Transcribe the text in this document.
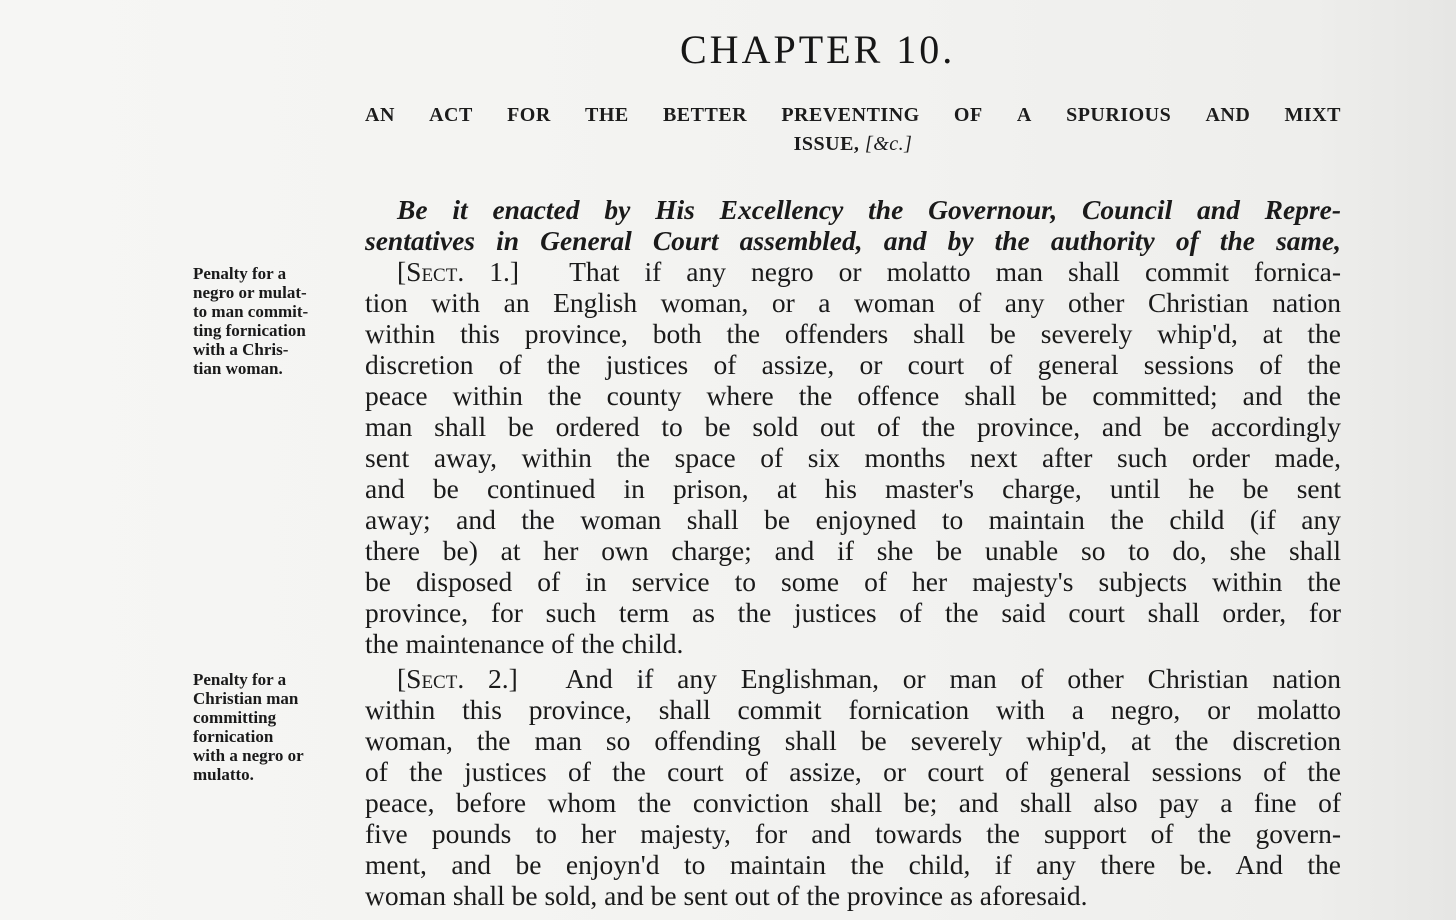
CHAPTER 10.
AN ACT FOR THE BETTER PREVENTING OF A SPURIOUS AND MIXT
ISSUE, [&c.]
Be it enacted by His Excellency the Governour, Council and Repre-
sentatives in General Court assembled, and by the authority of the same,
Penalty for a
negro or mulat-
to man commit-
ting fornication
with a Chris-
tian woman.
[Sect. 1.] That if any negro or molatto man shall commit fornica-
tion with an English woman, or a woman of any other Christian nation
within this province, both the offenders shall be severely whip'd, at the
discretion of the justices of assize, or court of general sessions of the
peace within the county where the offence shall be committed; and the
man shall be ordered to be sold out of the province, and be accordingly
sent away, within the space of six months next after such order made,
and be continued in prison, at his master's charge, until he be sent
away; and the woman shall be enjoyned to maintain the child (if any
there be) at her own charge; and if she be unable so to do, she shall
be disposed of in service to some of her majesty's subjects within the
province, for such term as the justices of the said court shall order, for
the maintenance of the child.
Penalty for a
Christian man
committing
fornication
with a negro or
mulatto.
[Sect. 2.] And if any Englishman, or man of other Christian nation
within this province, shall commit fornication with a negro, or molatto
woman, the man so offending shall be severely whip'd, at the discretion
of the justices of the court of assize, or court of general sessions of the
peace, before whom the conviction shall be; and shall also pay a fine of
five pounds to her majesty, for and towards the support of the govern-
ment, and be enjoyn'd to maintain the child, if any there be. And the
woman shall be sold, and be sent out of the province as aforesaid.
